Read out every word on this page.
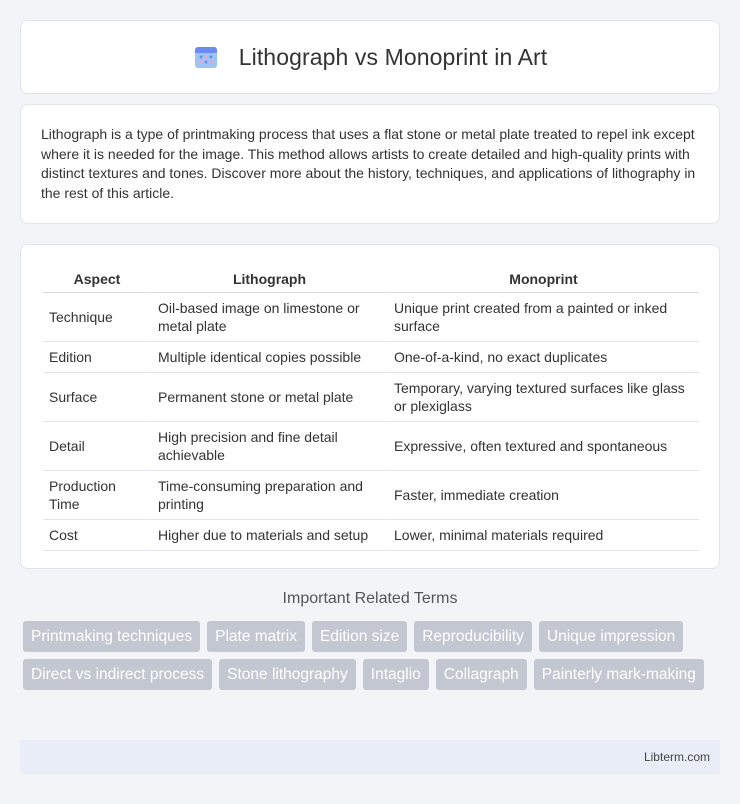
Lithograph vs Monoprint in Art

Lithograph is a type of printmaking process that uses a flat stone or metal plate treated to repel ink except where it is needed for the image. This method allows artists to create detailed and high-quality prints with distinct textures and tones. Discover more about the history, techniques, and applications of lithography in the rest of this article.

Aspect	Lithograph	Monoprint
Technique	Oil-based image on limestone or metal plate	Unique print created from a painted or inked surface
Edition	Multiple identical copies possible	One-of-a-kind, no exact duplicates
Surface	Permanent stone or metal plate	Temporary, varying textured surfaces like glass or plexiglass
Detail	High precision and fine detail achievable	Expressive, often textured and spontaneous
Production Time	Time-consuming preparation and printing	Faster, immediate creation
Cost	Higher due to materials and setup	Lower, minimal materials required
Important Related Terms
Printmaking techniques	Plate matrix	Edition size	Reproducibility	Unique impression
Direct vs indirect process	Stone lithography	Intaglio	Collagraph	Painterly mark-making
Libterm.com
